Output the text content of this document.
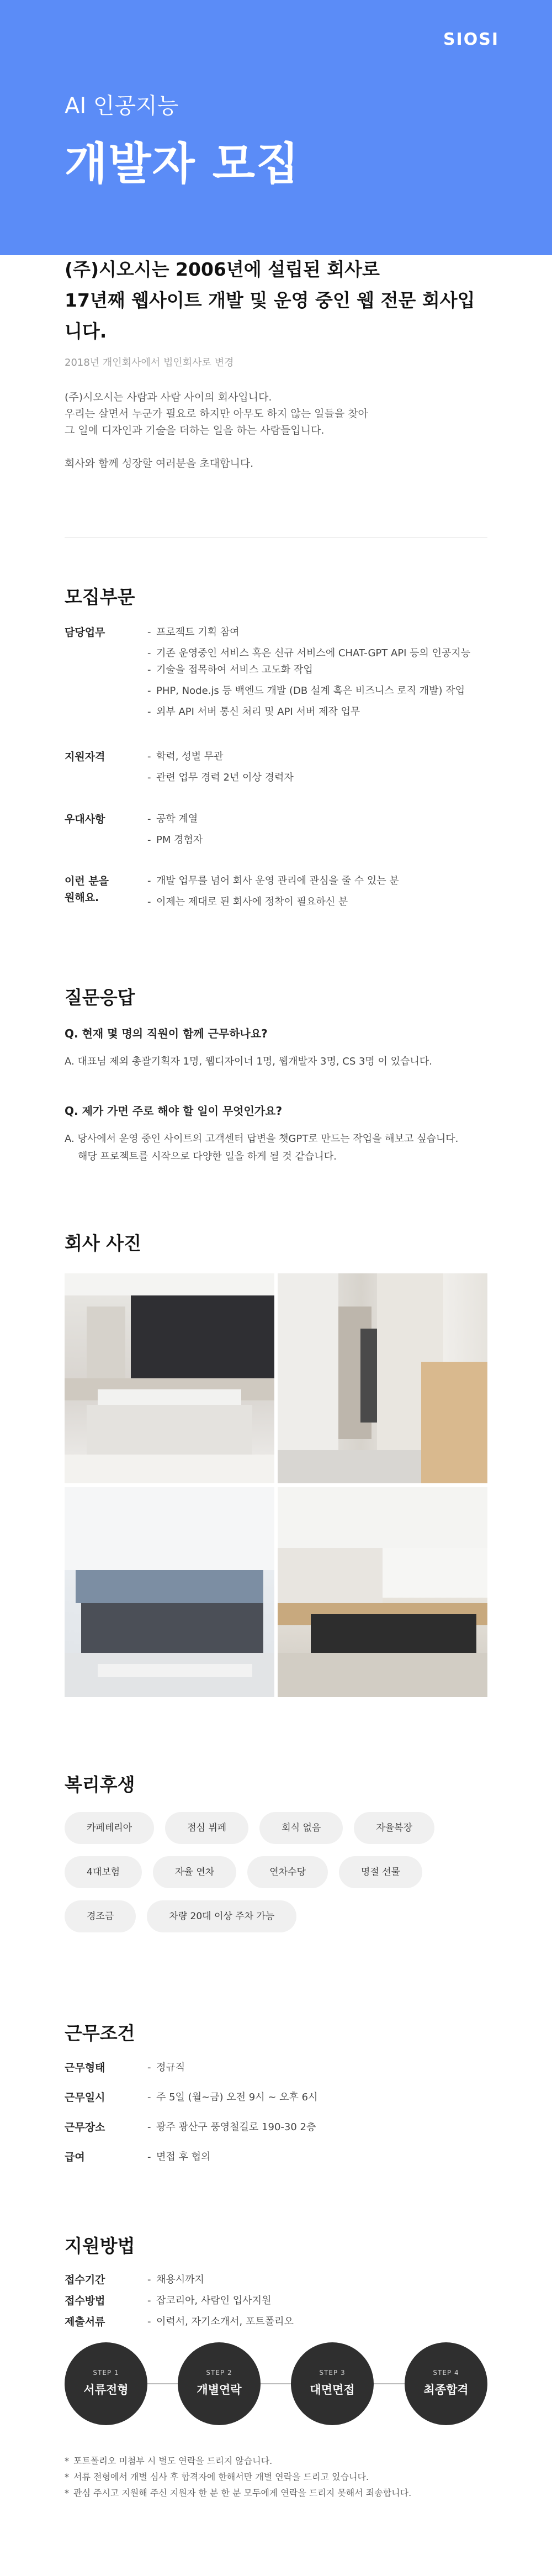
SIOSI
AI 인공지능
개발자 모집
(주)시오시는 2006년에 설립된 회사로
17년째 웹사이트 개발 및 운영 중인 웹 전문 회사입니다.
2018년 개인회사에서 법인회사로 변경

(주)시오시는 사람과 사람 사이의 회사입니다.

우리는 살면서 누군가 필요로 하지만 아무도 하지 않는 일들을 찾아

그 일에 디자인과 기술을 더하는 일을 하는 사람들입니다.

회사와 함께 성장할 여러분을 초대합니다.

모집부문
담당업무	- 프로젝트 기획 참여
- 기존 운영중인 서비스 혹은 신규 서비스에 CHAT-GPT API 등의 인공지능
- 기술을 접목하여 서비스 고도화 작업
- PHP, Node.js 등 백엔드 개발 (DB 설계 혹은 비즈니스 로직 개발) 작업
- 외부 API 서버 통신 처리 및 API 서버 제작 업무
지원자격	- 학력, 성별 무관
- 관련 업무 경력 2년 이상 경력자
우대사항	- 공학 계열
- PM 경험자
이런 분을
원해요.
- 개발 업무를 넘어 회사 운영 관리에 관심을 줄 수 있는 분
- 이제는 제대로 된 회사에 정착이 필요하신 분
질문응답
Q. 현재 몇 명의 직원이 함께 근무하나요?
A. 대표님 제외 총괄기획자 1명, 웹디자이너 1명, 웹개발자 3명, CS 3명 이 있습니다.
Q. 제가 가면 주로 해야 할 일이 무엇인가요?
A. 당사에서 운영 중인 사이트의 고객센터 답변을 챗GPT로 만드는 작업을 해보고 싶습니다.
해당 프로젝트를 시작으로 다양한 일을 하게 될 것 같습니다.
회사 사진
복리후생
카페테리아	점심 뷔페	회식 없음	자율복장
4대보험	자율 연차	연차수당	명절 선물
경조금	차량 20대 이상 주차 가능
근무조건
근무형태	- 정규직
근무일시	- 주 5일 (월~금) 오전 9시 ~ 오후 6시
근무장소	- 광주 광산구 풍영철길로 190-30 2층
급여	- 면접 후 협의
지원방법
접수기간	- 채용시까지
접수방법	- 잡코리아, 사람인 입사지원
제출서류	- 이력서, 자기소개서, 포트폴리오
STEP 1
서류전형
STEP 2
개별연락
STEP 3
대면면접
STEP 4
최종합격
* 포트폴리오 미첨부 시 별도 연락을 드리지 않습니다.
* 서류 전형에서 개별 심사 후 합격자에 한해서만 개별 연락을 드리고 있습니다.
* 관심 주시고 지원해 주신 지원자 한 분 한 분 모두에게 연락을 드리지 못해서 죄송합니다.
